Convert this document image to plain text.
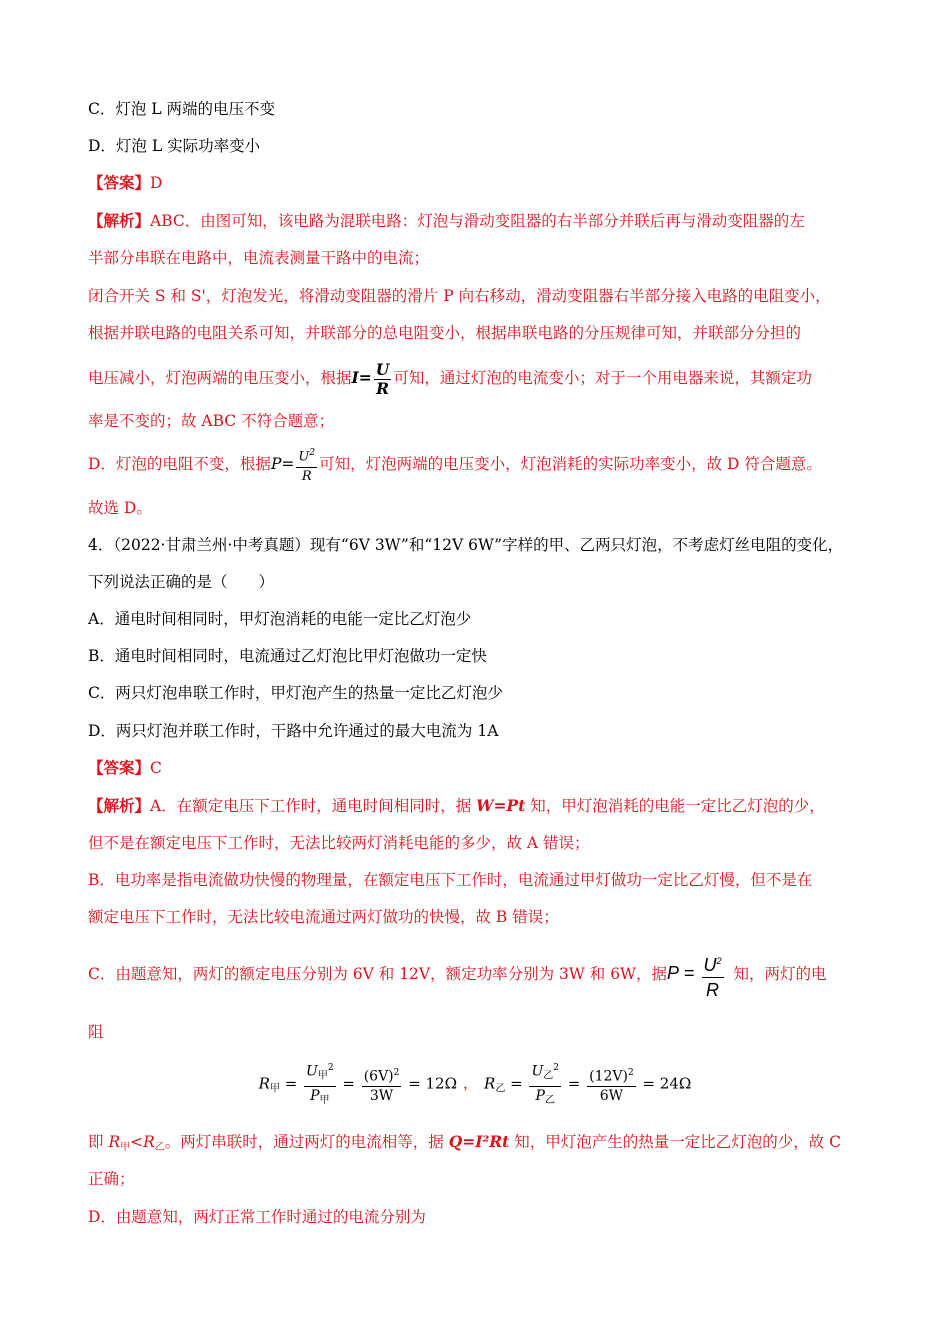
C．灯泡 L 两端的电压不变
D．灯泡 L 实际功率变小
【答案】D
【解析】ABC．由图可知，该电路为混联电路：灯泡与滑动变阻器的右半部分并联后再与滑动变阻器的左
半部分串联在电路中，电流表测量干路中的电流；
闭合开关 S 和 S'，灯泡发光，将滑动变阻器的滑片 P 向右移动，滑动变阻器右半部分接入电路的电阻变小，
根据并联电路的电阻关系可知，并联部分的总电阻变小，根据串联电路的分压规律可知，并联部分分担的
电压减小，灯泡两端的电压变小，根据$I= \frac{U}{R}$ 可知，通过灯泡的电流变小；对于一个用电器来说，其额定功
率是不变的；故 ABC 不符合题意；
D．灯泡的电阻不变，根据$P= \frac{U^2}{R}$ 可知，灯泡两端的电压变小，灯泡消耗的实际功率变小，故 D 符合题意。
故选 D。
4．（2022·甘肃兰州·中考真题）现有“6V 3W”和“12V 6W”字样的甲、乙两只灯泡，不考虑灯丝电阻的变化，
下列说法正确的是（　　）
A．通电时间相同时，甲灯泡消耗的电能一定比乙灯泡少
B．通电时间相同时，电流通过乙灯泡比甲灯泡做功一定快
C．两只灯泡串联工作时，甲灯泡产生的热量一定比乙灯泡少
D．两只灯泡并联工作时，干路中允许通过的最大电流为 1A
【答案】C
【解析】A．在额定电压下工作时，通电时间相同时，据 W=Pt 知，甲灯泡消耗的电能一定比乙灯泡的少，
但不是在额定电压下工作时，无法比较两灯消耗电能的多少，故 A 错误；
B．电功率是指电流做功快慢的物理量，在额定电压下工作时，电流通过甲灯做功一定比乙灯慢，但不是在
额定电压下工作时，无法比较电流通过两灯做功的快慢，故 B 错误；
C．由题意知，两灯的额定电压分别为 6V 和 12V，额定功率分别为 3W 和 6W，据$P = \frac{U^2}{R}$ 知，两灯的电
阻
$R_甲 = \frac{U_甲^2}{P_甲} = \frac{(6V)^2}{3W} = 12\Omega$ ， $R_乙 = \frac{U_乙^2}{P_乙} = \frac{(12V)^2}{6W} = 24\Omega$
即 $R_甲<R_乙$。两灯串联时，通过两灯的电流相等，据 Q=I²Rt 知，甲灯泡产生的热量一定比乙灯泡的少，故 C
正确；
D．由题意知，两灯正常工作时通过的电流分别为
